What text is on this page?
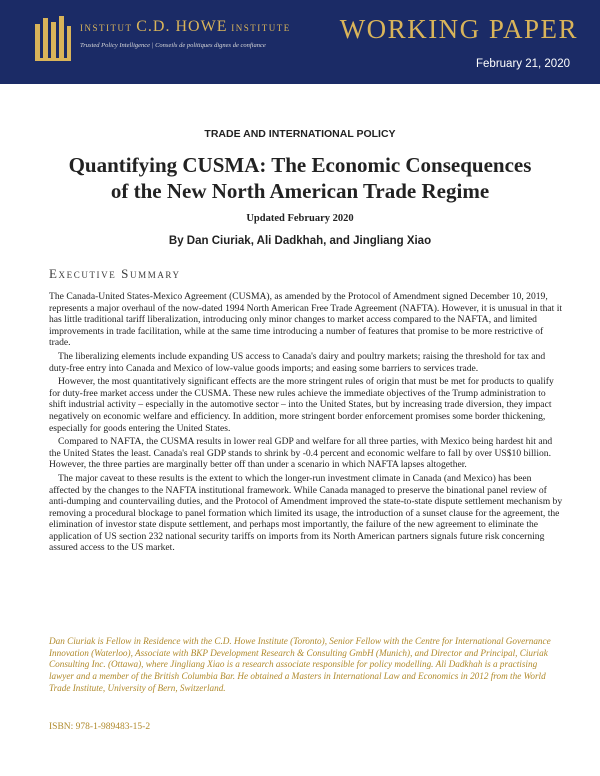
INSTITUT C.D. HOWE INSTITUTE
Trusted Policy Intelligence | Conseils de politiques dignes de confiance
WORKING PAPER
February 21, 2020
TRADE AND INTERNATIONAL POLICY
Quantifying CUSMA: The Economic Consequences
of the New North American Trade Regime
Updated February 2020
By Dan Ciuriak, Ali Dadkhah, and Jingliang Xiao
Executive Summary

The Canada-United States-Mexico Agreement (CUSMA), as amended by the Protocol of Amendment signed December 10, 2019, represents a major overhaul of the now-dated 1994 North American Free Trade Agreement (NAFTA). However, it is unusual in that it has little traditional tariff liberalization, introducing only minor changes to market access compared to the NAFTA, and limited improvements in trade facilitation, while at the same time introducing a number of features that promise to be more restrictive of trade.

The liberalizing elements include expanding US access to Canada's dairy and poultry markets; raising the threshold for tax and duty-free entry into Canada and Mexico of low-value goods imports; and easing some barriers to services trade.

However, the most quantitatively significant effects are the more stringent rules of origin that must be met for products to qualify for duty-free market access under the CUSMA. These new rules achieve the immediate objectives of the Trump administration to shift industrial activity – especially in the automotive sector – into the United States, but by increasing trade diversion, they impact negatively on economic welfare and efficiency. In addition, more stringent border enforcement promises some border thickening, especially for goods entering the United States.

Compared to NAFTA, the CUSMA results in lower real GDP and welfare for all three parties, with Mexico being hardest hit and the United States the least. Canada's real GDP stands to shrink by -0.4 percent and economic welfare to fall by over US$10 billion. However, the three parties are marginally better off than under a scenario in which NAFTA lapses altogether.

The major caveat to these results is the extent to which the longer-run investment climate in Canada (and Mexico) has been affected by the changes to the NAFTA institutional framework. While Canada managed to preserve the binational panel review of anti-dumping and countervailing duties, and the Protocol of Amendment improved the state-to-state dispute settlement mechanism by removing a procedural blockage to panel formation which limited its usage, the introduction of a sunset clause for the agreement, the elimination of investor state dispute settlement, and perhaps most importantly, the failure of the new agreement to eliminate the application of US section 232 national security tariffs on imports from its North American partners signals future risk concerning assured access to the US market.

Dan Ciuriak is Fellow in Residence with the C.D. Howe Institute (Toronto), Senior Fellow with the Centre for International Governance Innovation (Waterloo), Associate with BKP Development Research & Consulting GmbH (Munich), and Director and Principal, Ciuriak Consulting Inc. (Ottawa), where Jingliang Xiao is a research associate responsible for policy modelling. Ali Dadkhah is a practising lawyer and a member of the British Columbia Bar. He obtained a Masters in International Law and Economics in 2012 from the World Trade Institute, University of Bern, Switzerland.
ISBN: 978-1-989483-15-2
